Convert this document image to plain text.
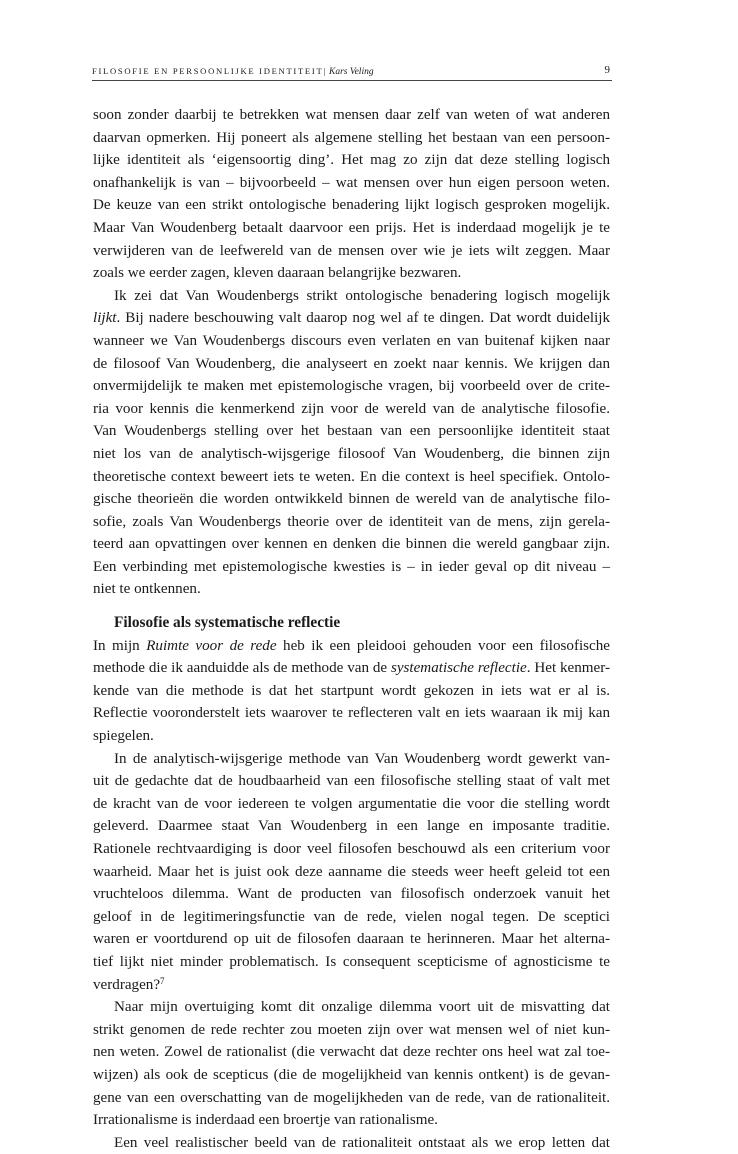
FILOSOFIE EN PERSOONLIJKE IDENTITEIT| Kars Veling	9
soon zonder daarbij te betrekken wat mensen daar zelf van weten of wat anderen
daarvan opmerken. Hij poneert als algemene stelling het bestaan van een persoon-
lijke identiteit als ‘eigensoortig ding’. Het mag zo zijn dat deze stelling logisch
onafhankelijk is van – bijvoorbeeld – wat mensen over hun eigen persoon weten.
De keuze van een strikt ontologische benadering lijkt logisch gesproken mogelijk.
Maar Van Woudenberg betaalt daarvoor een prijs. Het is inderdaad mogelijk je te
verwijderen van de leefwereld van de mensen over wie je iets wilt zeggen. Maar
zoals we eerder zagen, kleven daaraan belangrijke bezwaren.
Ik zei dat Van Woudenbergs strikt ontologische benadering logisch mogelijk
lijkt. Bij nadere beschouwing valt daarop nog wel af te dingen. Dat wordt duidelijk
wanneer we Van Woudenbergs discours even verlaten en van buitenaf kijken naar
de filosoof Van Woudenberg, die analyseert en zoekt naar kennis. We krijgen dan
onvermijdelijk te maken met epistemologische vragen, bij voorbeeld over de crite-
ria voor kennis die kenmerkend zijn voor de wereld van de analytische filosofie.
Van Woudenbergs stelling over het bestaan van een persoonlijke identiteit staat
niet los van de analytisch-wijsgerige filosoof Van Woudenberg, die binnen zijn
theoretische context beweert iets te weten. En die context is heel specifiek. Ontolo-
gische theorieën die worden ontwikkeld binnen de wereld van de analytische filo-
sofie, zoals Van Woudenbergs theorie over de identiteit van de mens, zijn gerela-
teerd aan opvattingen over kennen en denken die binnen die wereld gangbaar zijn.
Een verbinding met epistemologische kwesties is – in ieder geval op dit niveau –
niet te ontkennen.
Filosofie als systematische reflectie
In mijn Ruimte voor de rede heb ik een pleidooi gehouden voor een filosofische
methode die ik aanduidde als de methode van de systematische reflectie. Het kenmer-
kende van die methode is dat het startpunt wordt gekozen in iets wat er al is.
Reflectie vooronderstelt iets waarover te reflecteren valt en iets waaraan ik mij kan
spiegelen.
In de analytisch-wijsgerige methode van Van Woudenberg wordt gewerkt van-
uit de gedachte dat de houdbaarheid van een filosofische stelling staat of valt met
de kracht van de voor iedereen te volgen argumentatie die voor die stelling wordt
geleverd. Daarmee staat Van Woudenberg in een lange en imposante traditie.
Rationele rechtvaardiging is door veel filosofen beschouwd als een criterium voor
waarheid. Maar het is juist ook deze aanname die steeds weer heeft geleid tot een
vruchteloos dilemma. Want de producten van filosofisch onderzoek vanuit het
geloof in de legitimeringsfunctie van de rede, vielen nogal tegen. De sceptici
waren er voortdurend op uit de filosofen daaraan te herinneren. Maar het alterna-
tief lijkt niet minder problematisch. Is consequent scepticisme of agnosticisme te
verdragen?$^7$
Naar mijn overtuiging komt dit onzalige dilemma voort uit de misvatting dat
strikt genomen de rede rechter zou moeten zijn over wat mensen wel of niet kun-
nen weten. Zowel de rationalist (die verwacht dat deze rechter ons heel wat zal toe-
wijzen) als ook de scepticus (die de mogelijkheid van kennis ontkent) is de gevan-
gene van een overschatting van de mogelijkheden van de rede, van de rationaliteit.
Irrationalisme is inderdaad een broertje van rationalisme.
Een veel realistischer beeld van de rationaliteit ontstaat als we erop letten dat
